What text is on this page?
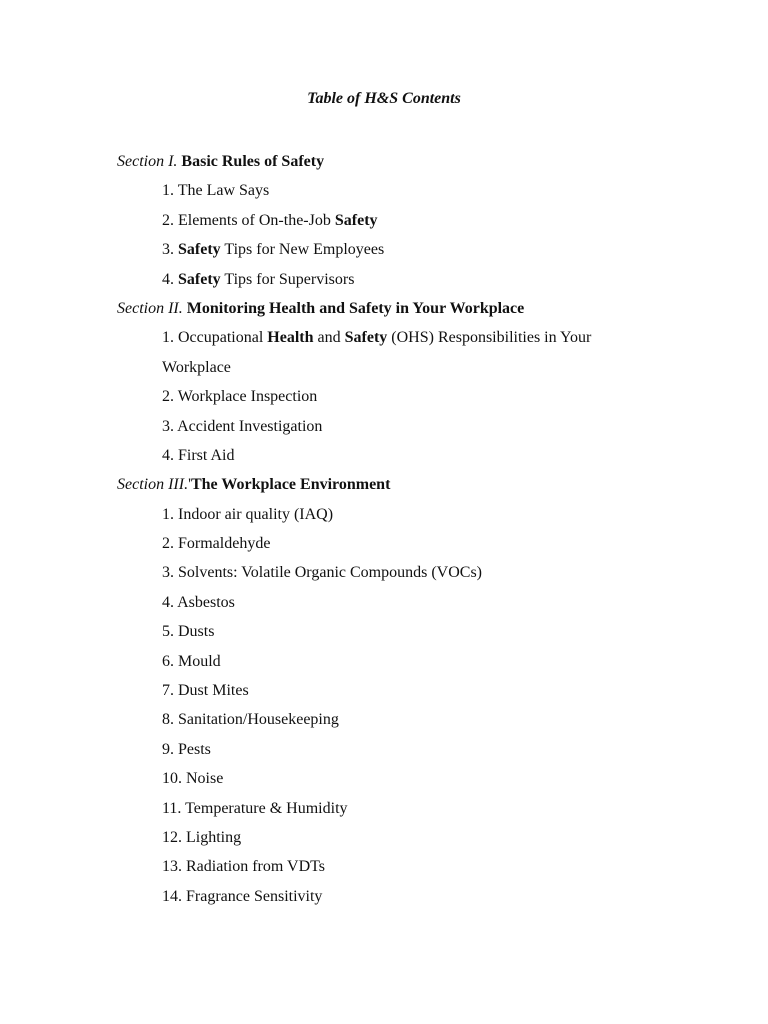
Table of H&S Contents
Section I. Basic Rules of Safety
1. The Law Says
2. Elements of On-the-Job Safety
3. Safety Tips for New Employees
4. Safety Tips for Supervisors
Section II. Monitoring Health and Safety in Your Workplace
1. Occupational Health and Safety (OHS) Responsibilities in Your
Workplace
2. Workplace Inspection
3. Accident Investigation
4. First Aid
Section III.'The Workplace Environment
1. Indoor air quality (IAQ)
2. Formaldehyde
3. Solvents: Volatile Organic Compounds (VOCs)
4. Asbestos
5. Dusts
6. Mould
7. Dust Mites
8. Sanitation/Housekeeping
9. Pests
10. Noise
11. Temperature & Humidity
12. Lighting
13. Radiation from VDTs
14. Fragrance Sensitivity
